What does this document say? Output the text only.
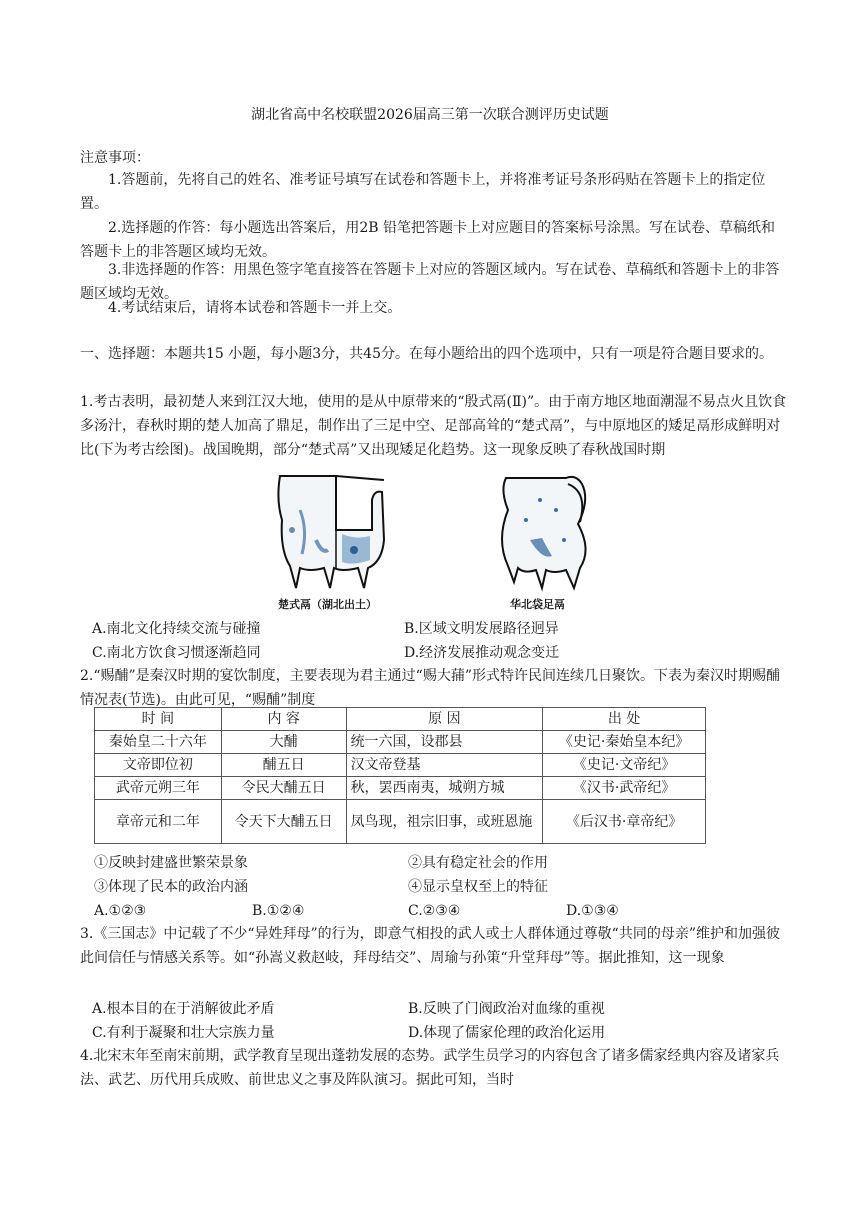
湖北省高中名校联盟2026届高三第一次联合测评历史试题

注意事项：

1.答题前，先将自己的姓名、准考证号填写在试卷和答题卡上，并将准考证号条形码贴在答题卡上的指定位置。

2.选择题的作答：每小题选出答案后，用2B 铅笔把答题卡上对应题目的答案标号涂黑。写在试卷、草稿纸和答题卡上的非答题区域均无效。

3.非选择题的作答：用黑色签字笔直接答在答题卡上对应的答题区域内。写在试卷、草稿纸和答题卡上的非答题区域均无效。

4.考试结束后，请将本试卷和答题卡一并上交。

一、选择题：本题共15 小题，每小题3分，共45分。在每小题给出的四个选项中，只有一项是符合题目要求的。

1.考古表明，最初楚人来到江汉大地，使用的是从中原带来的“殷式鬲(Ⅱ)”。由于南方地区地面潮湿不易点火且饮食多汤汁，春秋时期的楚人加高了鼎足，制作出了三足中空、足部高耸的“楚式鬲”，与中原地区的矮足鬲形成鲜明对比(下为考古绘图)。战国晚期，部分“楚式鬲”又出现矮足化趋势。这一现象反映了春秋战国时期

楚式鬲（湖北出土）	华北袋足鬲
A.南北文化持续交流与碰撞	B.区域文明发展路径迥异
C.南北方饮食习惯逐渐趋同	D.经济发展推动观念变迁

2.“赐酺”是秦汉时期的宴饮制度，主要表现为君主通过“赐大蒱”形式特许民间连续几日聚饮。下表为秦汉时期赐酺情况表(节选)。由此可见，“赐酺”制度

时 间	内 容	原 因	出 处
秦始皇二十六年	大酺	统一六国，设郡县	《史记·秦始皇本纪》
文帝即位初	酺五日	汉文帝登基	《史记·文帝纪》
武帝元朔三年	令民大酺五日	秋，罢西南夷，城朔方城	《汉书·武帝纪》
章帝元和二年	令天下大酺五日	凤鸟现，祖宗旧事，或班恩施	《后汉书·章帝纪》
①反映封建盛世繁荣景象	②具有稳定社会的作用
③体现了民本的政治内涵	④显示皇权至上的特征
A.①②③	B.①②④	C.②③④	D.①③④

3.《三国志》中记载了不少“异姓拜母”的行为，即意气相投的武人或士人群体通过尊敬“共同的母亲”维护和加强彼此间信任与情感关系等。如“孙嵩义救赵岐，拜母结交”、周瑜与孙策“升堂拜母”等。据此推知，这一现象

A.根本目的在于消解彼此矛盾	B.反映了门阀政治对血缘的重视
C.有利于凝聚和壮大宗族力量	D.体现了儒家伦理的政治化运用

4.北宋末年至南宋前期，武学教育呈现出蓬勃发展的态势。武学生员学习的内容包含了诸多儒家经典内容及诸家兵法、武艺、历代用兵成败、前世忠义之事及阵队演习。据此可知，当时
